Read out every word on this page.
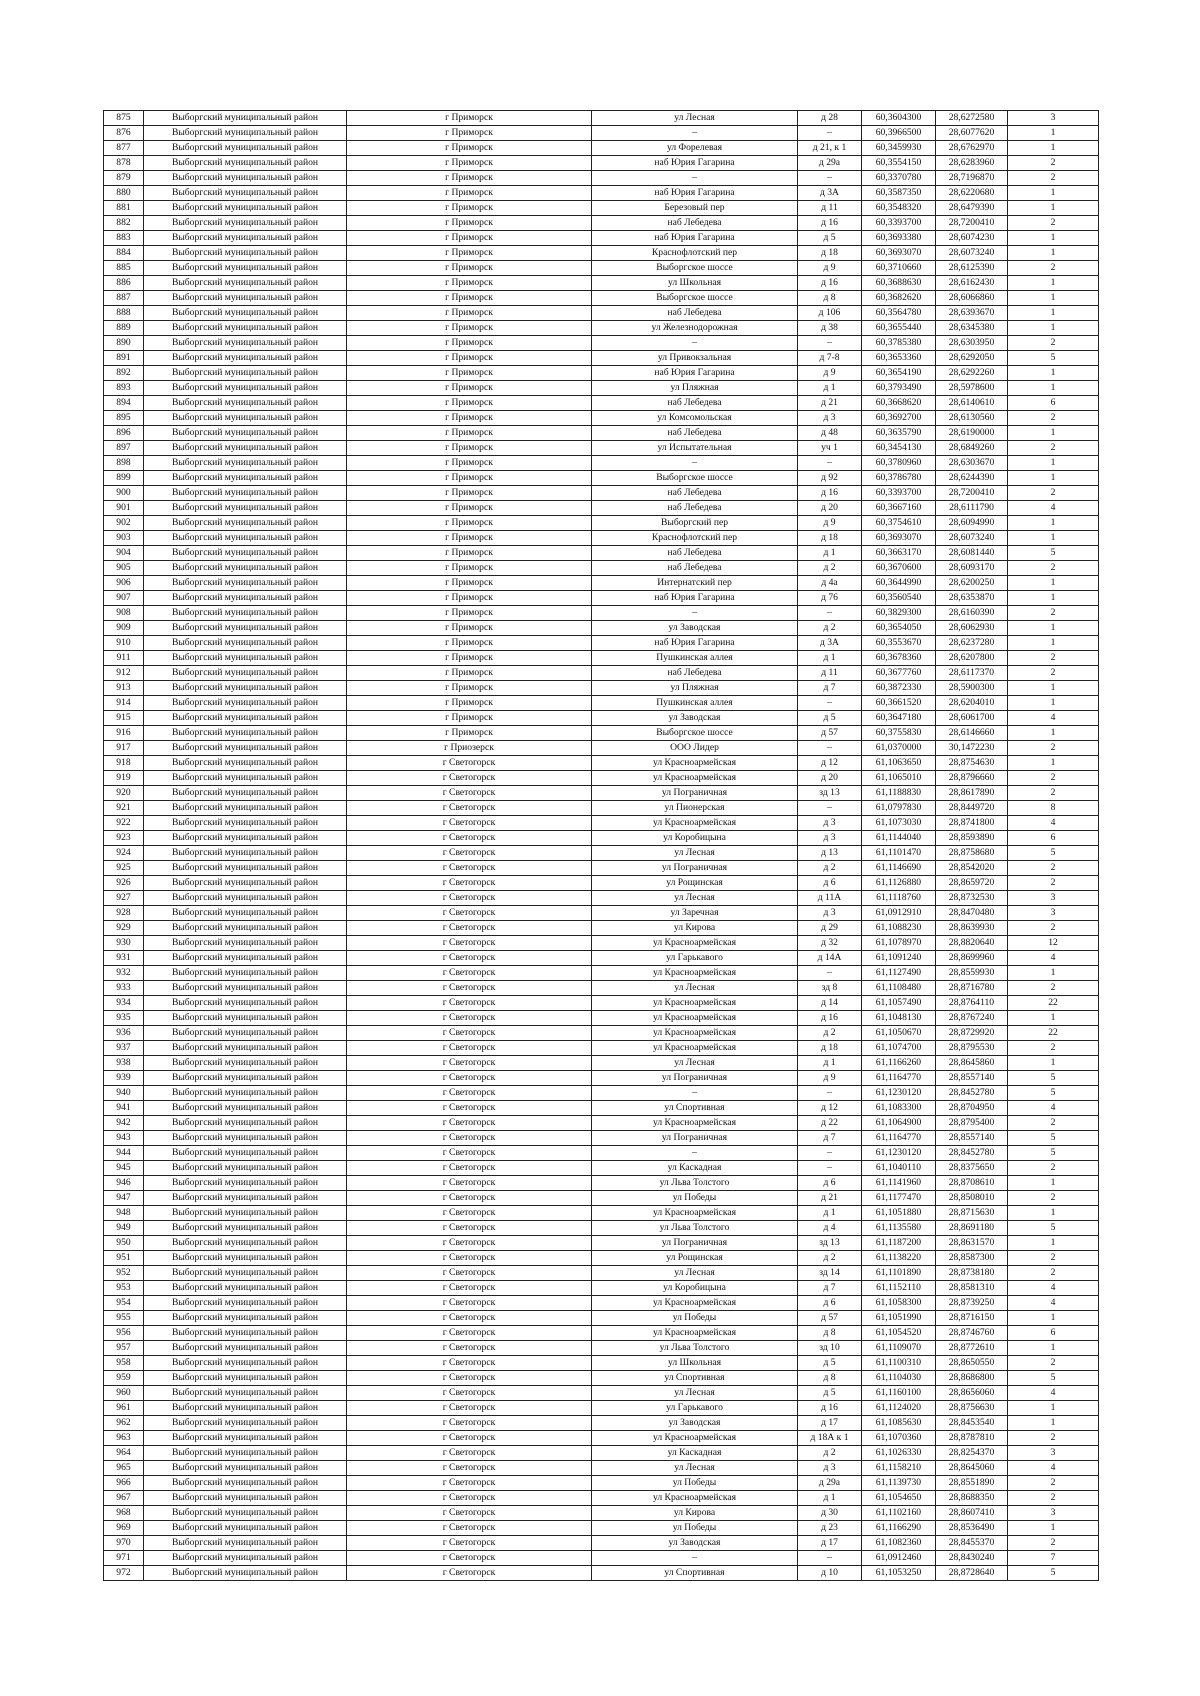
875	Выборгский муниципальный район	г Приморск	ул Лесная	д 28	60,3604300	28,6272580	3
876	Выборгский муниципальный район	г Приморск	–	–	60,3966500	28,6077620	1
877	Выборгский муниципальный район	г Приморск	ул Форелевая	д 21, к 1	60,3459930	28,6762970	1
878	Выборгский муниципальный район	г Приморск	наб Юрия Гагарина	д 29а	60,3554150	28,6283960	2
879	Выборгский муниципальный район	г Приморск	–	–	60,3370780	28,7196870	2
880	Выборгский муниципальный район	г Приморск	наб Юрия Гагарина	д 3А	60,3587350	28,6220680	1
881	Выборгский муниципальный район	г Приморск	Березовый пер	д 11	60,3548320	28,6479390	1
882	Выборгский муниципальный район	г Приморск	наб Лебедева	д 16	60,3393700	28,7200410	2
883	Выборгский муниципальный район	г Приморск	наб Юрия Гагарина	д 5	60,3693380	28,6074230	1
884	Выборгский муниципальный район	г Приморск	Краснофлотский пер	д 18	60,3693070	28,6073240	1
885	Выборгский муниципальный район	г Приморск	Выборгское шоссе	д 9	60,3710660	28,6125390	2
886	Выборгский муниципальный район	г Приморск	ул Школьная	д 16	60,3688630	28,6162430	1
887	Выборгский муниципальный район	г Приморск	Выборгское шоссе	д 8	60,3682620	28,6066860	1
888	Выборгский муниципальный район	г Приморск	наб Лебедева	д 106	60,3564780	28,6393670	1
889	Выборгский муниципальный район	г Приморск	ул Железнодорожная	д 38	60,3655440	28,6345380	1
890	Выборгский муниципальный район	г Приморск	–	–	60,3785380	28,6303950	2
891	Выборгский муниципальный район	г Приморск	ул Привокзальная	д 7-8	60,3653360	28,6292050	5
892	Выборгский муниципальный район	г Приморск	наб Юрия Гагарина	д 9	60,3654190	28,6292260	1
893	Выборгский муниципальный район	г Приморск	ул Пляжная	д 1	60,3793490	28,5978600	1
894	Выборгский муниципальный район	г Приморск	наб Лебедева	д 21	60,3668620	28,6140610	6
895	Выборгский муниципальный район	г Приморск	ул Комсомольская	д 3	60,3692700	28,6130560	2
896	Выборгский муниципальный район	г Приморск	наб Лебедева	д 48	60,3635790	28,6190000	1
897	Выборгский муниципальный район	г Приморск	ул Испытательная	уч 1	60,3454130	28,6849260	2
898	Выборгский муниципальный район	г Приморск	–	–	60,3780960	28,6303670	1
899	Выборгский муниципальный район	г Приморск	Выборгское шоссе	д 92	60,3786780	28,6244390	1
900	Выборгский муниципальный район	г Приморск	наб Лебедева	д 16	60,3393700	28,7200410	2
901	Выборгский муниципальный район	г Приморск	наб Лебедева	д 20	60,3667160	28,6111790	4
902	Выборгский муниципальный район	г Приморск	Выборгский пер	д 9	60,3754610	28,6094990	1
903	Выборгский муниципальный район	г Приморск	Краснофлотский пер	д 18	60,3693070	28,6073240	1
904	Выборгский муниципальный район	г Приморск	наб Лебедева	д 1	60,3663170	28,6081440	5
905	Выборгский муниципальный район	г Приморск	наб Лебедева	д 2	60,3670600	28,6093170	2
906	Выборгский муниципальный район	г Приморск	Интернатский пер	д 4а	60,3644990	28,6200250	1
907	Выборгский муниципальный район	г Приморск	наб Юрия Гагарина	д 76	60,3560540	28,6353870	1
908	Выборгский муниципальный район	г Приморск	–	–	60,3829300	28,6160390	2
909	Выборгский муниципальный район	г Приморск	ул Заводская	д 2	60,3654050	28,6062930	1
910	Выборгский муниципальный район	г Приморск	наб Юрия Гагарина	д 3А	60,3553670	28,6237280	1
911	Выборгский муниципальный район	г Приморск	Пушкинская аллея	д 1	60,3678360	28,6207800	2
912	Выборгский муниципальный район	г Приморск	наб Лебедева	д 11	60,3677760	28,6117370	2
913	Выборгский муниципальный район	г Приморск	ул Пляжная	д 7	60,3872330	28,5900300	1
914	Выборгский муниципальный район	г Приморск	Пушкинская аллея	–	60,3661520	28,6204010	1
915	Выборгский муниципальный район	г Приморск	ул Заводская	д 5	60,3647180	28,6061700	4
916	Выборгский муниципальный район	г Приморск	Выборгское шоссе	д 57	60,3755830	28,6146660	1
917	Выборгский муниципальный район	г Приозерск	ООО Лидер	–	61,0370000	30,1472230	2
918	Выборгский муниципальный район	г Светогорск	ул Красноармейская	д 12	61,1063650	28,8754630	1
919	Выборгский муниципальный район	г Светогорск	ул Красноармейская	д 20	61,1065010	28,8796660	2
920	Выборгский муниципальный район	г Светогорск	ул Пограничная	зд 13	61,1188830	28,8617890	2
921	Выборгский муниципальный район	г Светогорск	ул Пионерская	–	61,0797830	28,8449720	8
922	Выборгский муниципальный район	г Светогорск	ул Красноармейская	д 3	61,1073030	28,8741800	4
923	Выборгский муниципальный район	г Светогорск	ул Коробицына	д 3	61,1144040	28,8593890	6
924	Выборгский муниципальный район	г Светогорск	ул Лесная	д 13	61,1101470	28,8758680	5
925	Выборгский муниципальный район	г Светогорск	ул Пограничная	д 2	61,1146690	28,8542020	2
926	Выборгский муниципальный район	г Светогорск	ул Рощинская	д 6	61,1126880	28,8659720	2
927	Выборгский муниципальный район	г Светогорск	ул Лесная	д 11А	61,1118760	28,8732530	3
928	Выборгский муниципальный район	г Светогорск	ул Заречная	д 3	61,0912910	28,8470480	3
929	Выборгский муниципальный район	г Светогорск	ул Кирова	д 29	61,1088230	28,8639930	2
930	Выборгский муниципальный район	г Светогорск	ул Красноармейская	д 32	61,1078970	28,8820640	12
931	Выборгский муниципальный район	г Светогорск	ул Гарькавого	д 14А	61,1091240	28,8699960	4
932	Выборгский муниципальный район	г Светогорск	ул Красноармейская	–	61,1127490	28,8559930	1
933	Выборгский муниципальный район	г Светогорск	ул Лесная	зд 8	61,1108480	28,8716780	2
934	Выборгский муниципальный район	г Светогорск	ул Красноармейская	д 14	61,1057490	28,8764110	22
935	Выборгский муниципальный район	г Светогорск	ул Красноармейская	д 16	61,1048130	28,8767240	1
936	Выборгский муниципальный район	г Светогорск	ул Красноармейская	д 2	61,1050670	28,8729920	22
937	Выборгский муниципальный район	г Светогорск	ул Красноармейская	д 18	61,1074700	28,8795530	2
938	Выборгский муниципальный район	г Светогорск	ул Лесная	д 1	61,1166260	28,8645860	1
939	Выборгский муниципальный район	г Светогорск	ул Пограничная	д 9	61,1164770	28,8557140	5
940	Выборгский муниципальный район	г Светогорск	–	–	61,1230120	28,8452780	5
941	Выборгский муниципальный район	г Светогорск	ул Спортивная	д 12	61,1083300	28,8704950	4
942	Выборгский муниципальный район	г Светогорск	ул Красноармейская	д 22	61,1064900	28,8795400	2
943	Выборгский муниципальный район	г Светогорск	ул Пограничная	д 7	61,1164770	28,8557140	5
944	Выборгский муниципальный район	г Светогорск	–	–	61,1230120	28,8452780	5
945	Выборгский муниципальный район	г Светогорск	ул Каскадная	–	61,1040110	28,8375650	2
946	Выборгский муниципальный район	г Светогорск	ул Льва Толстого	д 6	61,1141960	28,8708610	1
947	Выборгский муниципальный район	г Светогорск	ул Победы	д 21	61,1177470	28,8508010	2
948	Выборгский муниципальный район	г Светогорск	ул Красноармейская	д 1	61,1051880	28,8715630	1
949	Выборгский муниципальный район	г Светогорск	ул Льва Толстого	д 4	61,1135580	28,8691180	5
950	Выборгский муниципальный район	г Светогорск	ул Пограничная	зд 13	61,1187200	28,8631570	1
951	Выборгский муниципальный район	г Светогорск	ул Рощинская	д 2	61,1138220	28,8587300	2
952	Выборгский муниципальный район	г Светогорск	ул Лесная	зд 14	61,1101890	28,8738180	2
953	Выборгский муниципальный район	г Светогорск	ул Коробицына	д 7	61,1152110	28,8581310	4
954	Выборгский муниципальный район	г Светогорск	ул Красноармейская	д 6	61,1058300	28,8739250	4
955	Выборгский муниципальный район	г Светогорск	ул Победы	д 57	61,1051990	28,8716150	1
956	Выборгский муниципальный район	г Светогорск	ул Красноармейская	д 8	61,1054520	28,8746760	6
957	Выборгский муниципальный район	г Светогорск	ул Льва Толстого	зд 10	61,1109070	28,8772610	1
958	Выборгский муниципальный район	г Светогорск	ул Школьная	д 5	61,1100310	28,8650550	2
959	Выборгский муниципальный район	г Светогорск	ул Спортивная	д 8	61,1104030	28,8686800	5
960	Выборгский муниципальный район	г Светогорск	ул Лесная	д 5	61,1160100	28,8656060	4
961	Выборгский муниципальный район	г Светогорск	ул Гарькавого	д 16	61,1124020	28,8756630	1
962	Выборгский муниципальный район	г Светогорск	ул Заводская	д 17	61,1085630	28,8453540	1
963	Выборгский муниципальный район	г Светогорск	ул Красноармейская	д 18А к 1	61,1070360	28,8787810	2
964	Выборгский муниципальный район	г Светогорск	ул Каскадная	д 2	61,1026330	28,8254370	3
965	Выборгский муниципальный район	г Светогорск	ул Лесная	д 3	61,1158210	28,8645060	4
966	Выборгский муниципальный район	г Светогорск	ул Победы	д 29а	61,1139730	28,8551890	2
967	Выборгский муниципальный район	г Светогорск	ул Красноармейская	д 1	61,1054650	28,8688350	2
968	Выборгский муниципальный район	г Светогорск	ул Кирова	д 30	61,1102160	28,8607410	3
969	Выборгский муниципальный район	г Светогорск	ул Победы	д 23	61,1166290	28,8536490	1
970	Выборгский муниципальный район	г Светогорск	ул Заводская	д 17	61,1082360	28,8455370	2
971	Выборгский муниципальный район	г Светогорск	–	–	61,0912460	28,8430240	7
972	Выборгский муниципальный район	г Светогорск	ул Спортивная	д 10	61,1053250	28,8728640	5
